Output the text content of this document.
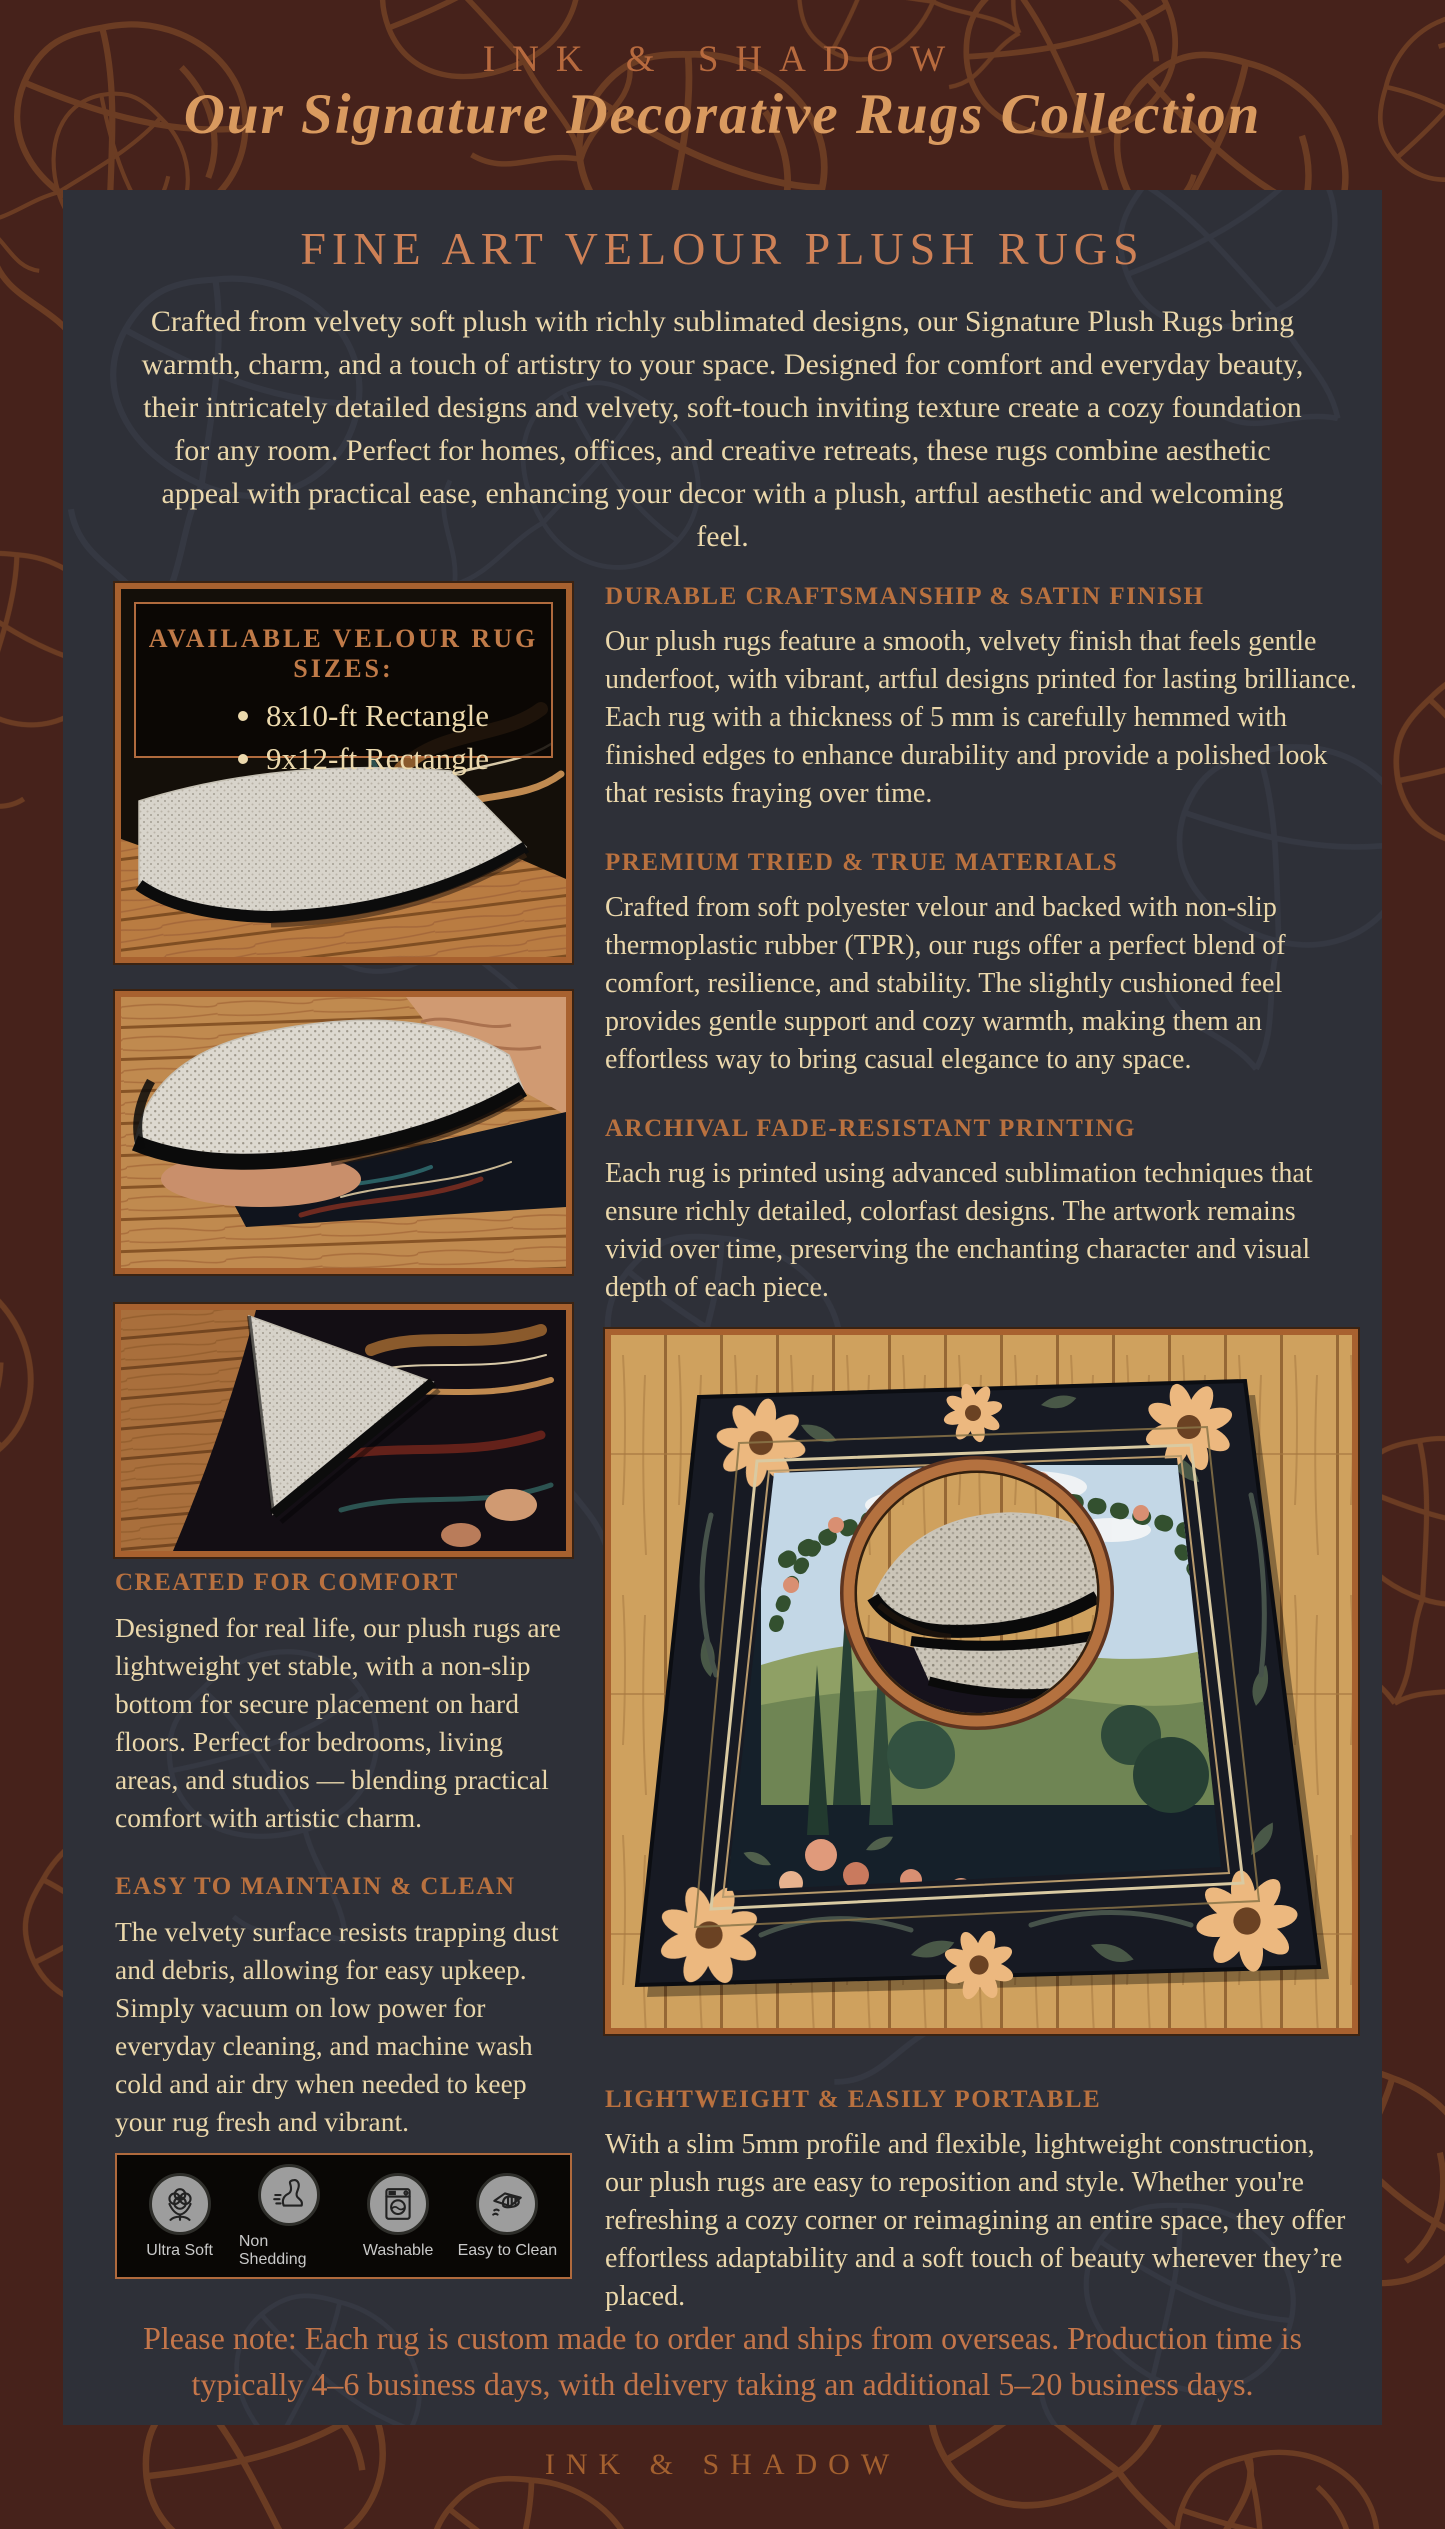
INK & SHADOW
Our Signature Decorative Rugs Collection
FINE ART VELOUR PLUSH RUGS
Crafted from velvety soft plush with richly sublimated designs, our Signature Plush Rugs bring warmth, charm, and a touch of artistry to your space. Designed for comfort and everyday beauty, their intricately detailed designs and velvety, soft-touch inviting texture create a cozy foundation for any room. Perfect for homes, offices, and creative retreats, these rugs combine aesthetic appeal with practical ease, enhancing your decor with a plush, artful aesthetic and welcoming feel.
AVAILABLE VELOUR RUG SIZES:
8x10-ft Rectangle
9x12-ft Rectangle
CREATED FOR COMFORT

Designed for real life, our plush rugs are lightweight yet stable, with a non-slip bottom for secure placement on hard floors. Perfect for bedrooms, living areas, and studios — blending practical comfort with artistic charm.

EASY TO MAINTAIN & CLEAN

The velvety surface resists trapping dust and debris, allowing for easy upkeep. Simply vacuum on low power for everyday cleaning, and machine wash cold and air dry when needed to keep your rug fresh and vibrant.

Ultra Soft
Non Shedding
Washable Easy to Clean
DURABLE CRAFTSMANSHIP & SATIN FINISH

Our plush rugs feature a smooth, velvety finish that feels gentle underfoot, with vibrant, artful designs printed for lasting brilliance. Each rug with a thickness of 5 mm is carefully hemmed with finished edges to enhance durability and provide a polished look that resists fraying over time.

PREMIUM TRIED & TRUE MATERIALS

Crafted from soft polyester velour and backed with non-slip thermoplastic rubber (TPR), our rugs offer a perfect blend of comfort, resilience, and stability. The slightly cushioned feel provides gentle support and cozy warmth, making them an effortless way to bring casual elegance to any space.

ARCHIVAL FADE-RESISTANT PRINTING

Each rug is printed using advanced sublimation techniques that ensure richly detailed, colorfast designs. The artwork remains vivid over time, preserving the enchanting character and visual depth of each piece.

LIGHTWEIGHT & EASILY PORTABLE

With a slim 5mm profile and flexible, lightweight construction, our plush rugs are easy to reposition and style. Whether you're refreshing a cozy corner or reimagining an entire space, they offer effortless adaptability and a soft touch of beauty wherever they’re placed.

Please note: Each rug is custom made to order and ships from overseas. Production time is typically 4–6 business days, with delivery taking an additional 5–20 business days.
INK & SHADOW
